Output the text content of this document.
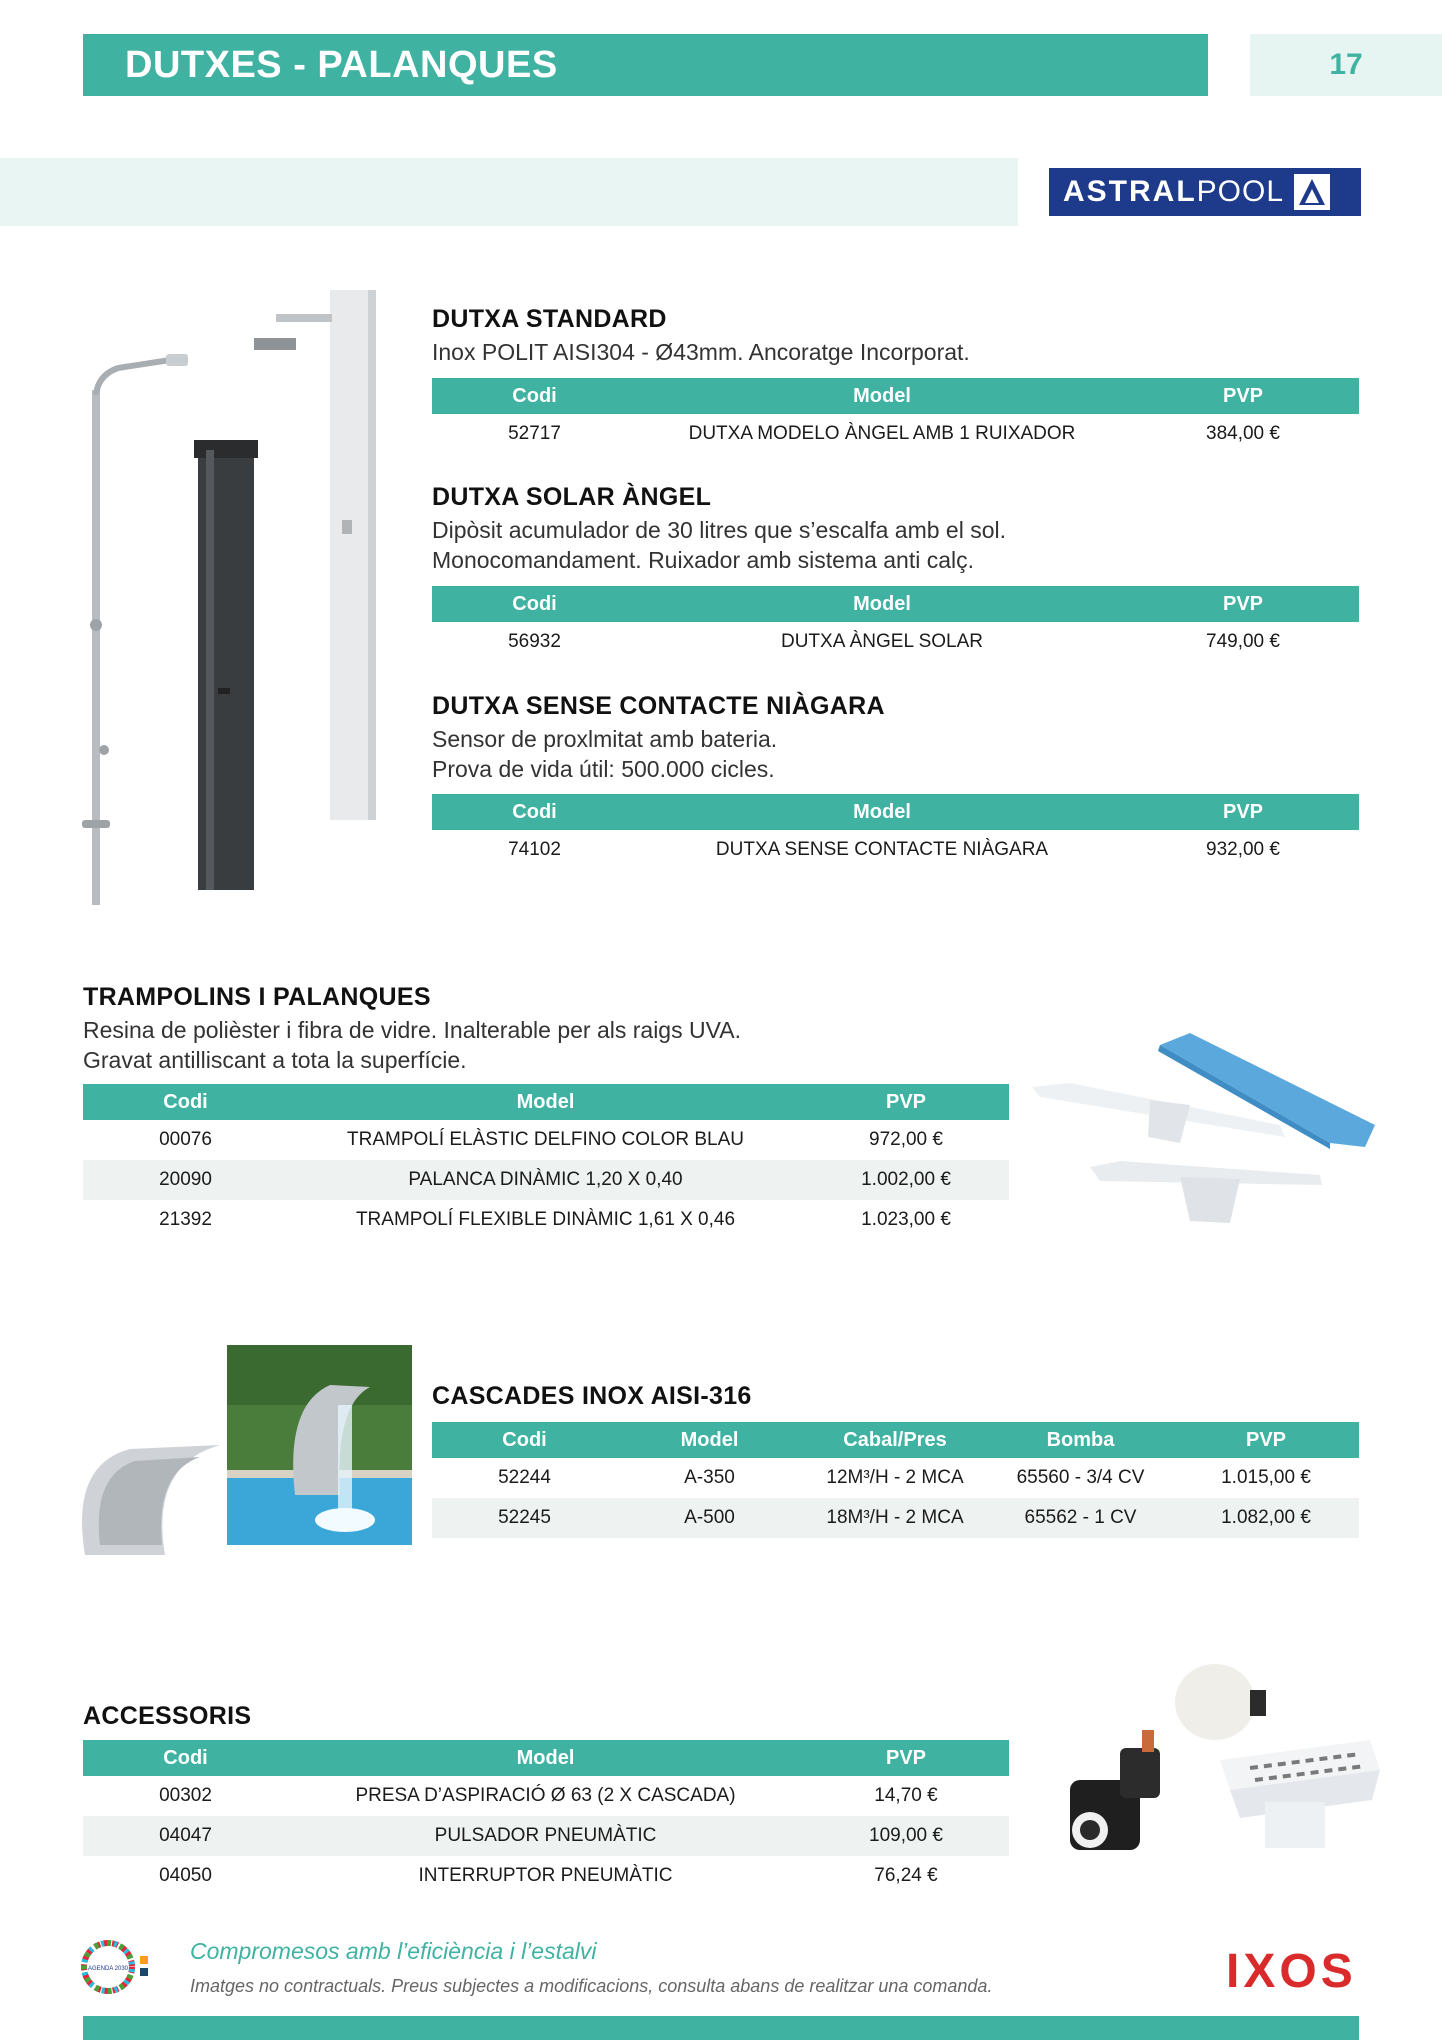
DUTXES - PALANQUES	17
ASTRAL POOL
DUTXA STANDARD
Inox POLIT AISI304 - Ø43mm. Ancoratge Incorporat.
Codi	Model	PVP
52717	DUTXA MODELO ÀNGEL AMB 1 RUIXADOR	384,00 €
DUTXA SOLAR ÀNGEL
Dipòsit acumulador de 30 litres que s’escalfa amb el sol.
Monocomandament. Ruixador amb sistema anti calç.
Codi	Model	PVP
56932	DUTXA ÀNGEL SOLAR	749,00 €
DUTXA SENSE CONTACTE NIÀGARA
Sensor de proxlmitat amb bateria.
Prova de vida útil: 500.000 cicles.
Codi	Model	PVP
74102	DUTXA SENSE CONTACTE NIÀGARA	932,00 €
TRAMPOLINS I PALANQUES
Resina de polièster i fibra de vidre. Inalterable per als raigs UVA.
Gravat antilliscant a tota la superfície.
Codi	Model	PVP
00076	TRAMPOLÍ ELÀSTIC DELFINO COLOR BLAU	972,00 €
20090	PALANCA DINÀMIC 1,20 X 0,40	1.002,00 €
21392	TRAMPOLÍ FLEXIBLE DINÀMIC 1,61 X 0,46	1.023,00 €
CASCADES INOX AISI-316
Codi	Model	Cabal/Pres	Bomba	PVP
52244	A-350	12M³/H - 2 MCA	65560 - 3/4 CV	1.015,00 €
52245	A-500	18M³/H - 2 MCA	65562 - 1 CV	1.082,00 €
ACCESSORIS
Codi	Model	PVP
00302	PRESA D’ASPIRACIÓ Ø 63 (2 X CASCADA)	14,70 €
04047	PULSADOR PNEUMÀTIC	109,00 €
04050	INTERRUPTOR PNEUMÀTIC	76,24 €
AGENDA 2030
Compromesos amb l’eficiència i l’estalvi
Imatges no contractuals. Preus subjectes a modificacions, consulta abans de realitzar una comanda.	IXOS
